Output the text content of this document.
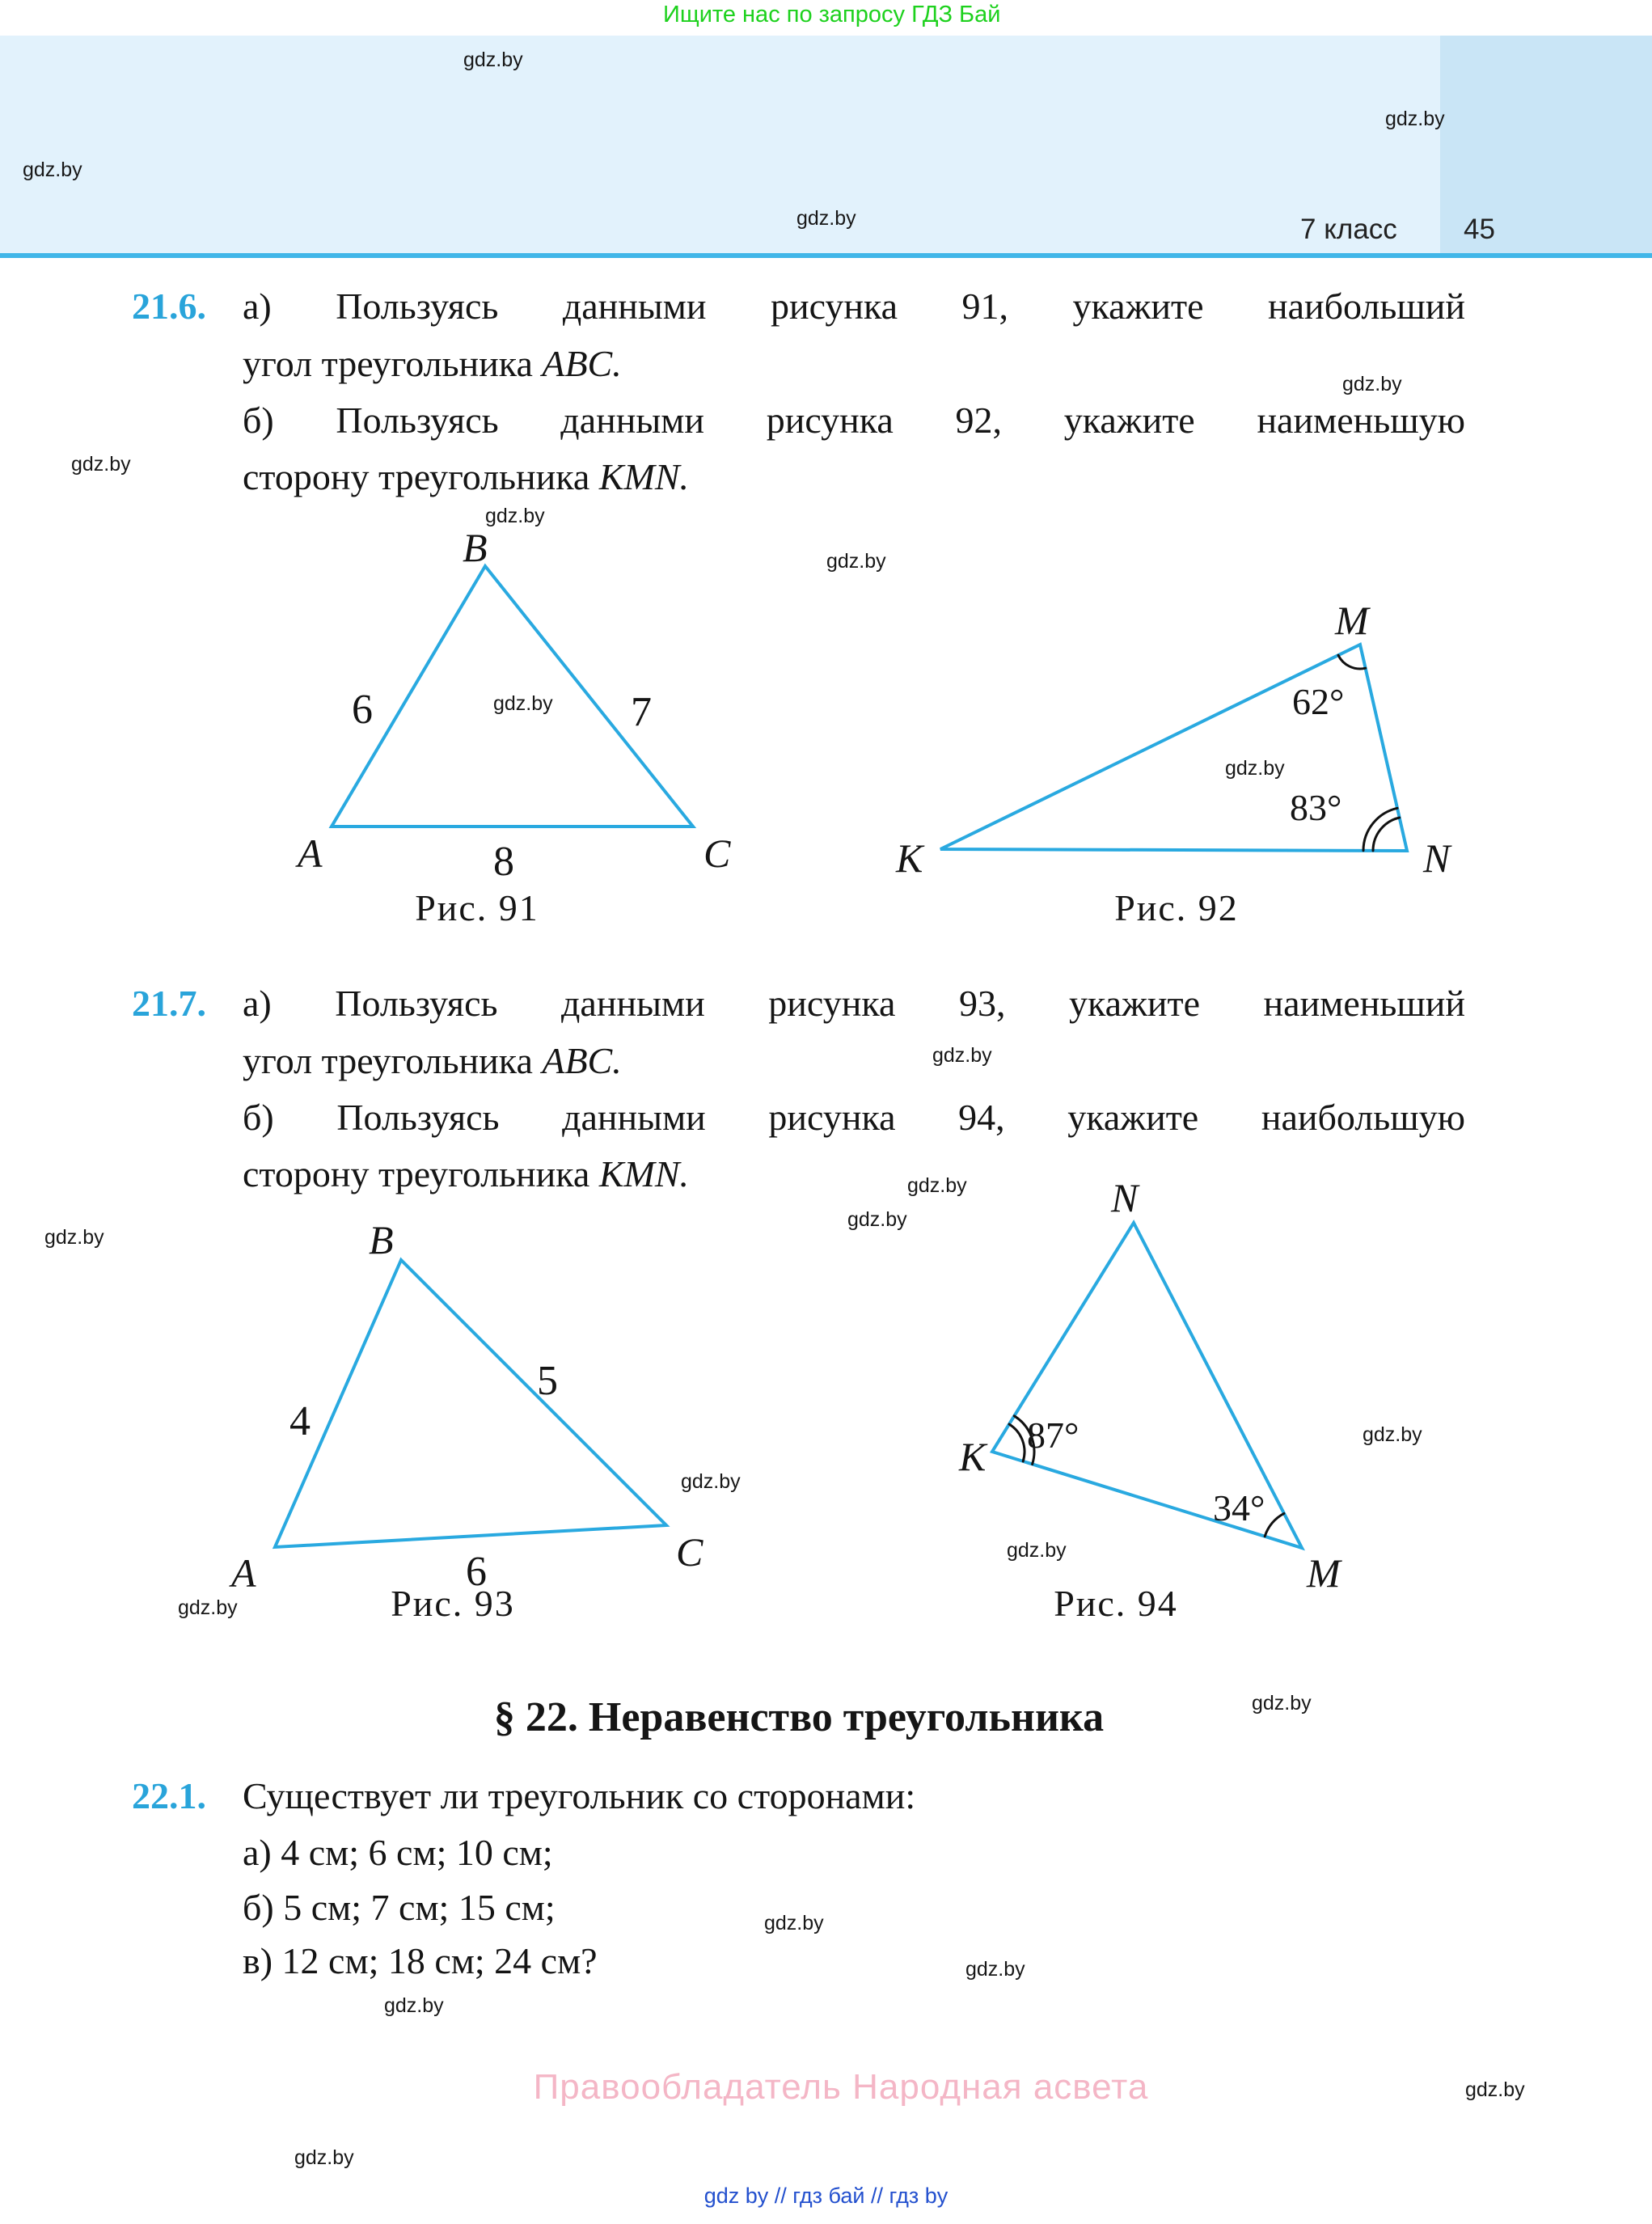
Ищите нас по запросу ГДЗ Бай
7 класс 45
gdz.by
gdz.by
gdz.by
gdz.by
gdz.by
gdz.by
gdz.by
gdz.by
gdz.by
gdz.by
gdz.by
gdz.by
gdz.by
gdz.by
gdz.by
gdz.by
gdz.by
gdz.by
gdz.by
gdz.by
gdz.by
gdz.by
gdz.by
gdz.by
21.6. а) Пользуясь данными рисунка 91, укажите наибольший
угол треугольника ABC.
б) Пользуясь данными рисунка 92, укажите наименьшую
сторону треугольника KMN.
B
A	C
6	7
8
Рис. 91
M
K	N
62°
83°
Рис. 92
21.7. а) Пользуясь данными рисунка 93, укажите наименьший
угол треугольника ABC.
б) Пользуясь данными рисунка 94, укажите наибольшую
сторону треугольника KMN.
B
A	C
4
5
6
Рис. 93
N
K
M
87°
34°
Рис. 94
§ 22. Неравенство треугольника
22.1. Существует ли треугольник со сторонами:
а) 4 см; 6 см; 10 см;
б) 5 см; 7 см; 15 см;
в) 12 см; 18 см; 24 см?
Правообладатель Народная асвета
gdz by // гдз бай // гдз by
